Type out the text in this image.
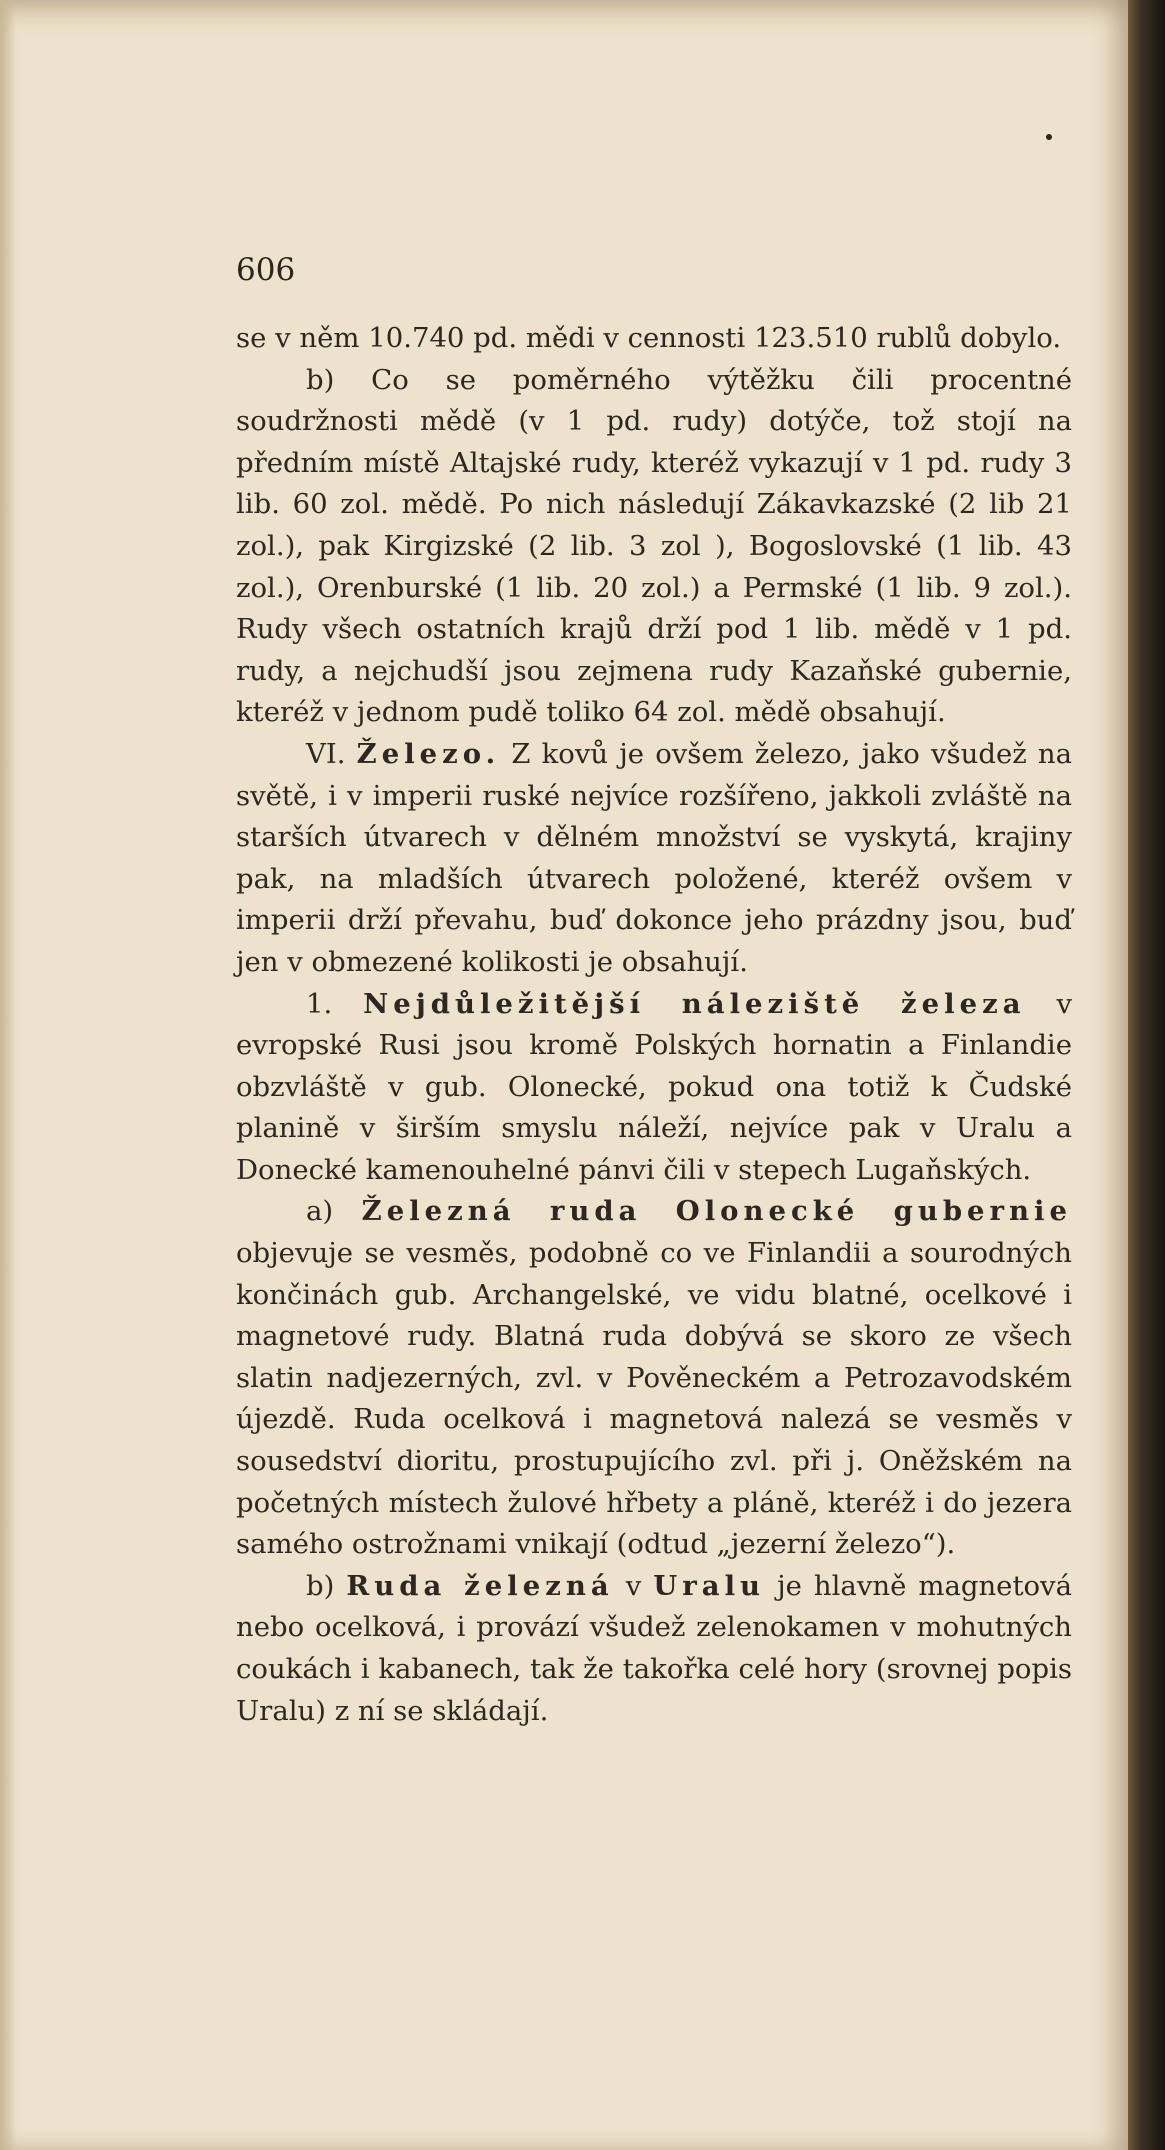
606

se v něm 10.740 pd. mědi v cennosti 123.510 rublů dobylo.

b) Co se poměrného výtěžku čili procentné soudržnosti mědě (v 1 pd. rudy) dotýče, tož stojí na předním místě Altajské rudy, kteréž vykazují v 1 pd. rudy 3 lib. 60 zol. mědě. Po nich následují Zákavkazské (2 lib 21 zol.), pak Kirgizské (2 lib. 3 zol ), Bogoslovské (1 lib. 43 zol.), Orenburské (1 lib. 20 zol.) a Permské (1 lib. 9 zol.). Rudy všech ostatních krajů drží pod 1 lib. mědě v 1 pd. rudy, a nejchudší jsou zejmena rudy Kazaňské gubernie, kteréž v jednom pudě toliko 64 zol. mědě obsahují.

VI. Železo. Z kovů je ovšem železo, jako všudež na světě, i v imperii ruské nejvíce rozšířeno, jakkoli zvláště na starších útvarech v dělném množství se vyskytá, krajiny pak, na mladších útvarech položené, kteréž ovšem v imperii drží převahu, buď dokonce jeho prázdny jsou, buď jen v obmezené kolikosti je obsahují.

1. Nejdůležitější náleziště železa v evropské Rusi jsou kromě Polských hornatin a Finlandie obzvláště v gub. Olonecké, pokud ona totiž k Čudské planině v širším smyslu náleží, nejvíce pak v Uralu a Donecké kamenouhelné pánvi čili v stepech Lugaňských.

a) Železná ruda Olonecké gubernie objevuje se vesměs, podobně co ve Finlandii a sourodných končinách gub. Archangelské, ve vidu blatné, ocelkové i magnetové rudy. Blatná ruda dobývá se skoro ze všech slatin nadjezerných, zvl. v Pověneckém a Petrozavodském újezdě. Ruda ocelková i magnetová nalezá se vesměs v sousedství dioritu, prostupujícího zvl. při j. Oněžském na početných místech žulové hřbety a pláně, kteréž i do jezera samého ostrožnami vnikají (odtud „jezerní železo“).

b) Ruda železná v Uralu je hlavně magnetová nebo ocelková, i provází všudež zelenokamen v mohutných coukách i kabanech, tak že takořka celé hory (srovnej popis Uralu) z ní se skládají.
